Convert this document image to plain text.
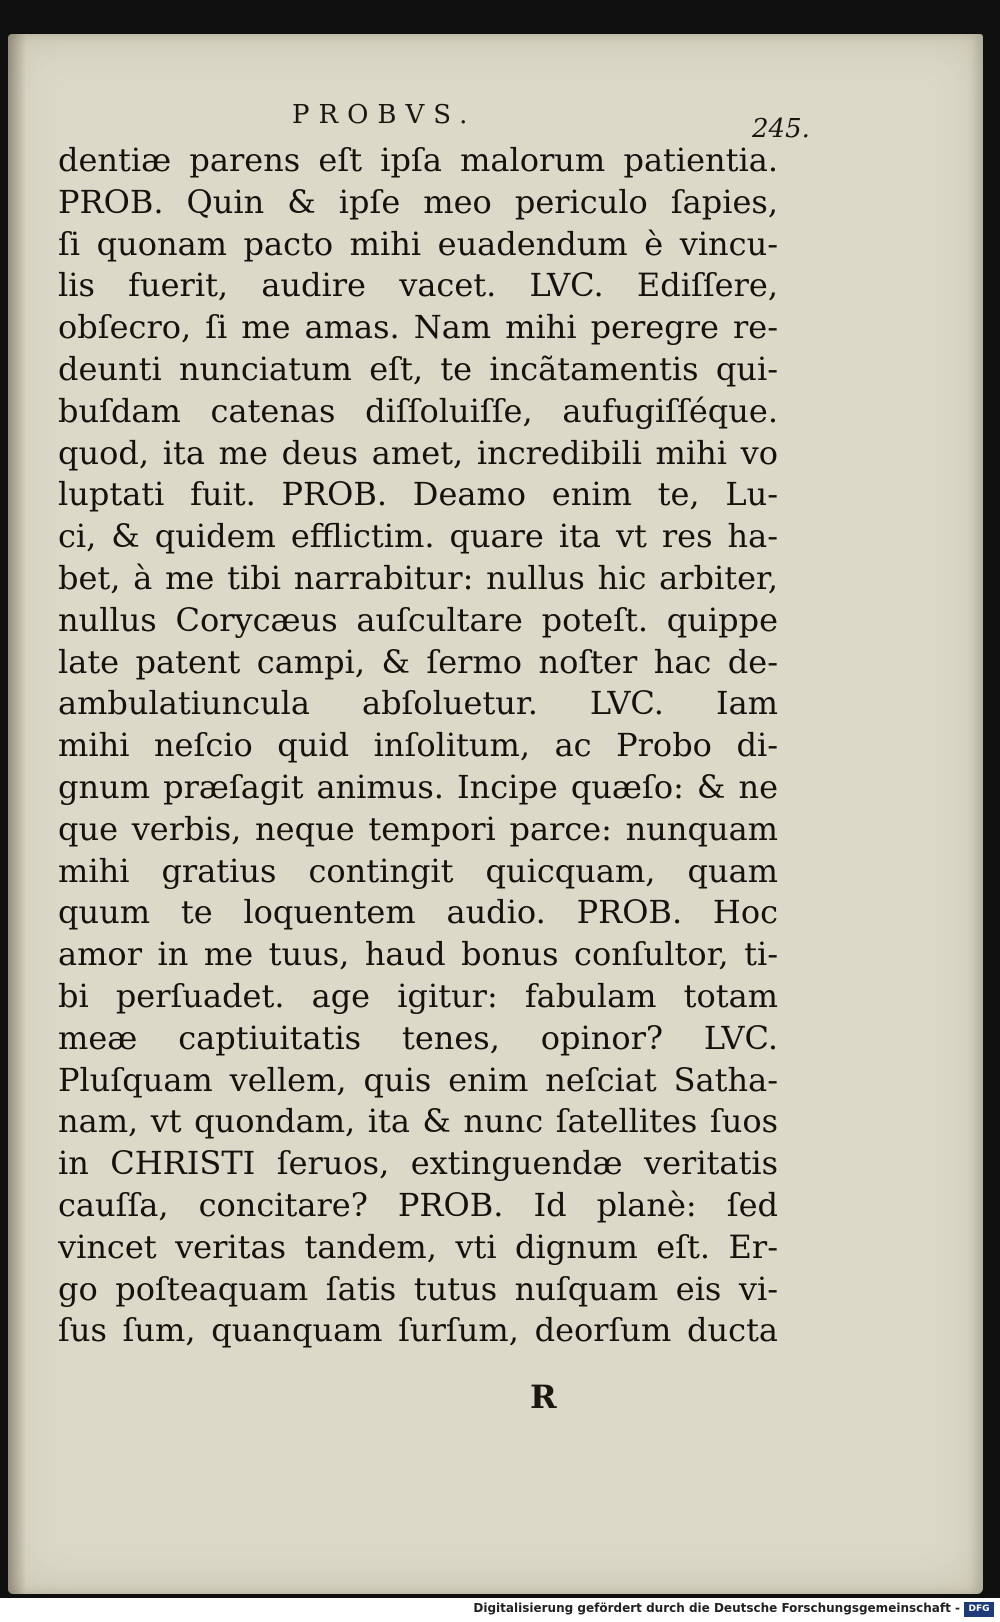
PROBVS.	245.
dentiæ parens eſt ipſa malorum patientia.
PROB. Quin & ipſe meo periculo ſapies,
ſi quonam pacto mihi euadendum è vincu-
lis fuerit, audire vacet. LVC. Ediſſere,
obſecro, ſi me amas. Nam mihi peregre re-
deunti nunciatum eſt, te incãtamentis qui-
buſdam catenas diſſoluiſſe, aufugiſſéque.
quod, ita me deus amet, incredibili mihi vo
luptati fuit. PROB. Deamo enim te, Lu-
ci, & quidem efflictim. quare ita vt res ha-
bet, à me tibi narrabitur: nullus hic arbiter,
nullus Corycæus auſcultare poteſt. quippe
late patent campi, & ſermo noſter hac de-
ambulatiuncula abſoluetur. LVC. Iam
mihi neſcio quid inſolitum, ac Probo di-
gnum præſagit animus. Incipe quæſo: & ne
que verbis, neque tempori parce: nunquam
mihi gratius contingit quicquam, quam
quum te loquentem audio. PROB. Hoc
amor in me tuus, haud bonus conſultor, ti-
bi perſuadet. age igitur: fabulam totam
meæ captiuitatis tenes, opinor? LVC.
Pluſquam vellem, quis enim neſciat Satha-
nam, vt quondam, ita & nunc ſatellites ſuos
in CHRISTI ſeruos, extinguendæ veritatis
cauſſa, concitare? PROB. Id planè: ſed
vincet veritas tandem, vti dignum eſt. Er-
go poſteaquam ſatis tutus nuſquam eis vi-
ſus ſum, quanquam ſurſum, deorſum ducta
R
Digitalisierung gefördert durch die Deutsche Forschungsgemeinschaft - DFG
